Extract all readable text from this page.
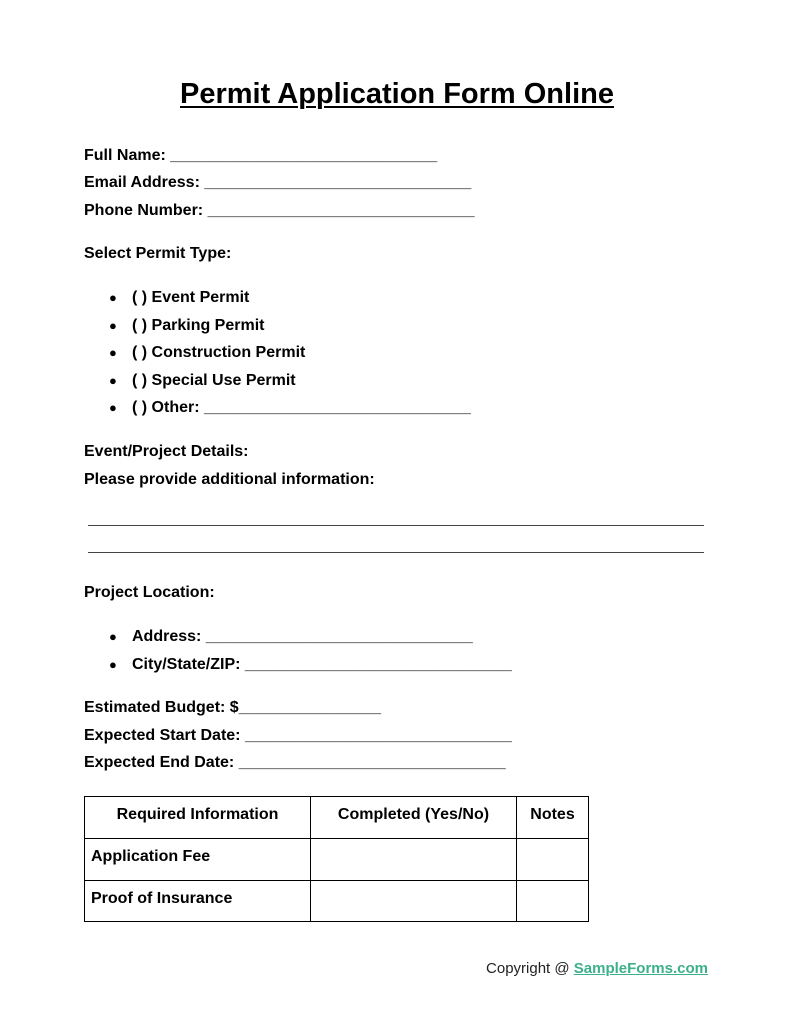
Permit Application Form Online
Full Name: ______________________________
Email Address: ______________________________
Phone Number: ______________________________
Select Permit Type:
● ( ) Event Permit
● ( ) Parking Permit
● ( ) Construction Permit
● ( ) Special Use Permit
● ( ) Other: ______________________________
Event/Project Details:
Please provide additional information:
Project Location:
● Address: ______________________________
● City/State/ZIP: ______________________________
Estimated Budget: $________________
Expected Start Date: ______________________________
Expected End Date: ______________________________
Required Information	Completed (Yes/No)	Notes
Application Fee		
Proof of Insurance		
Copyright @ SampleForms.com
